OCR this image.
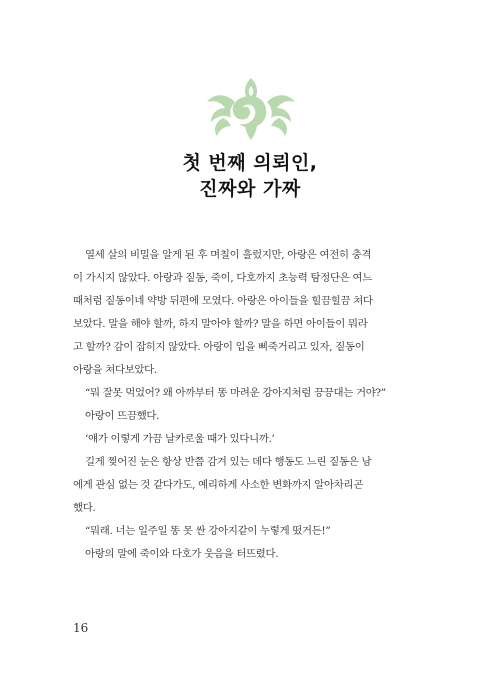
첫 번째 의뢰인,
진짜와 가짜
열세 살의 비밀을 알게 된 후 며칠이 흘렀지만, 아랑은 여전히 충격
이 가시지 않았다. 아랑과 짙동, 죽이, 다호까지 초능력 탐정단은 여느
때처럼 짙동이네 약방 뒤편에 모였다. 아랑은 아이들을 힐끔힐끔 쳐다
보았다. 말을 해야 할까, 하지 말아야 할까? 말을 하면 아이들이 뭐라
고 할까? 감이 잡히지 않았다. 아랑이 입을 삐죽거리고 있자, 짙동이
아랑을 쳐다보았다.
“뭐 잘못 먹었어? 왜 아까부터 똥 마려운 강아지처럼 끙끙대는 거야?”
아랑이 뜨끔했다.
‘얘가 이렇게 가끔 날카로울 때가 있다니까.’
길게 찢어진 눈은 항상 반쯤 감겨 있는 데다 행동도 느린 짙동은 남
에게 관심 없는 것 같다가도, 예리하게 사소한 변화까지 알아차리곤
했다.
“뭐래. 너는 일주일 똥 못 싼 강아지같이 누렇게 떴거든!”
아랑의 말에 죽이와 다호가 웃음을 터뜨렸다.
16
